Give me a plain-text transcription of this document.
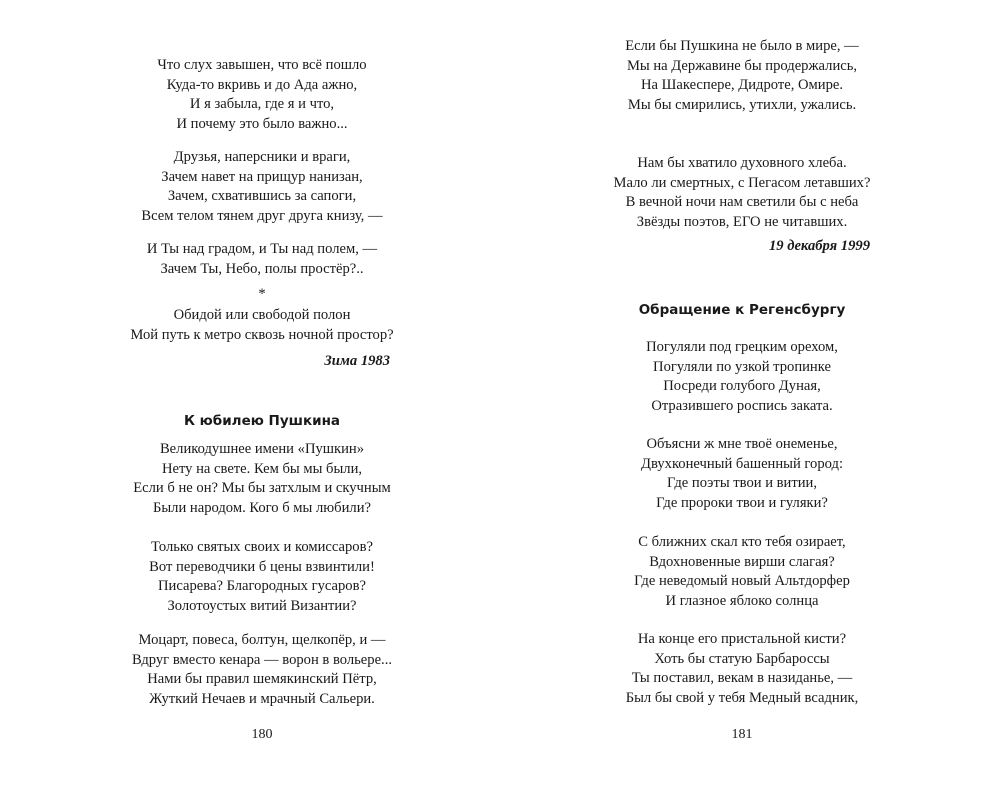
Что слух завышен, что всё пошло
Куда-то вкривь и до Ада ажно,
И я забыла, где я и что,
И почему это было важно...
Друзья, наперсники и враги,
Зачем навет на прищур нанизан,
Зачем, схватившись за сапоги,
Всем телом тянем друг друга книзу, —
И Ты над градом, и Ты над полем, —
Зачем Ты, Небо, полы простёр?..
*
Обидой или свободой полон
Мой путь к метро сквозь ночной простор?
Зима 1983
К юбилею Пушкина
Великодушнее имени «Пушкин»
Нету на свете. Кем бы мы были,
Если б не он? Мы бы затхлым и скучным
Были народом. Кого б мы любили?
Только святых своих и комиссаров?
Вот переводчики б цены взвинтили!
Писарева? Благородных гусаров?
Золотоустых витий Византии?
Моцарт, повеса, болтун, щелкопёр, и —
Вдруг вместо кенара — ворон в вольере...
Нами бы правил шемякинский Пётр,
Жуткий Нечаев и мрачный Сальери.
180
Если бы Пушкина не было в мире, —
Мы на Державине бы продержались,
На Шакеспере, Дидроте, Омире.
Мы бы смирились, утихли, ужались.
Нам бы хватило духовного хлеба.
Мало ли смертных, с Пегасом летавших?
В вечной ночи нам светили бы с неба
Звёзды поэтов, ЕГО не читавших.
19 декабря 1999
Обращение к Регенсбургу
Погуляли под грецким орехом,
Погуляли по узкой тропинке
Посреди голубого Дуная,
Отразившего роспись заката.
Объясни ж мне твоё онеменье,
Двухконечный башенный город:
Где поэты твои и витии,
Где пророки твои и гуляки?
С ближних скал кто тебя озирает,
Вдохновенные вирши слагая?
Где неведомый новый Альтдорфер
И глазное яблоко солнца
На конце его пристальной кисти?
Хоть бы статую Барбароссы
Ты поставил, векам в назиданье, —
Был бы свой у тебя Медный всадник,
181
